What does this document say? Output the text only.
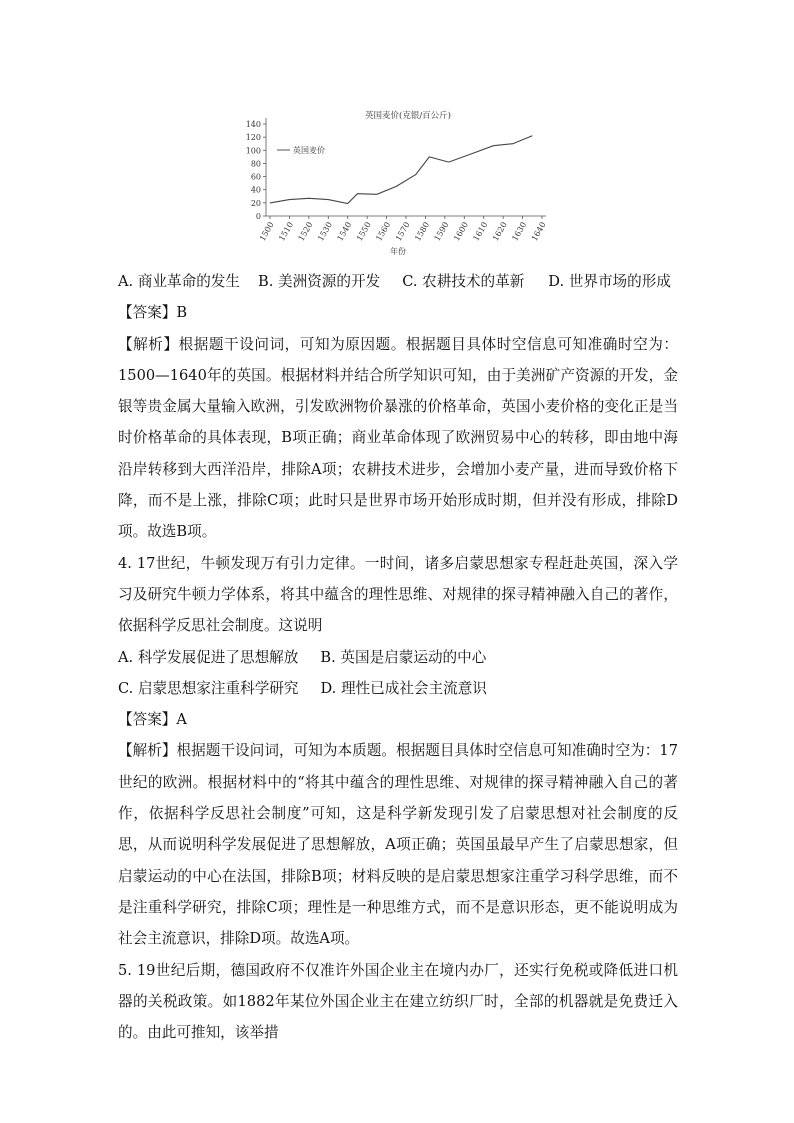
英国麦价(克银/百公斤)
0
20
40
60
80
100
120
140
1500 1510 1520 1530 1540 1550 1560 1570 1580 1590 1600 1610 1620 1630 1640
英国麦价
年份

A. 商业革命的发生 B. 美洲资源的开发 C. 农耕技术的革新 D. 世界市场的形成

【答案】B

【解析】根据题干设问词，可知为原因题。根据题目具体时空信息可知准确时空为：1500—1640年的英国。根据材料并结合所学知识可知，由于美洲矿产资源的开发，金银等贵金属大量输入欧洲，引发欧洲物价暴涨的价格革命，英国小麦价格的变化正是当时价格革命的具体表现，B项正确；商业革命体现了欧洲贸易中心的转移，即由地中海沿岸转移到大西洋沿岸，排除A项；农耕技术进步，会增加小麦产量，进而导致价格下降，而不是上涨，排除C项；此时只是世界市场开始形成时期，但并没有形成，排除D项。故选B项。

4. 17世纪，牛顿发现万有引力定律。一时间，诸多启蒙思想家专程赶赴英国，深入学习及研究牛顿力学体系，将其中蕴含的理性思维、对规律的探寻精神融入自己的著作，依据科学反思社会制度。这说明

A. 科学发展促进了思想解放 B. 英国是启蒙运动的中心

C. 启蒙思想家注重科学研究 D. 理性已成社会主流意识

【答案】A

【解析】根据题干设问词，可知为本质题。根据题目具体时空信息可知准确时空为：17世纪的欧洲。根据材料中的“将其中蕴含的理性思维、对规律的探寻精神融入自己的著作，依据科学反思社会制度”可知，这是科学新发现引发了启蒙思想对社会制度的反思，从而说明科学发展促进了思想解放，A项正确；英国虽最早产生了启蒙思想家，但启蒙运动的中心在法国，排除B项；材料反映的是启蒙思想家注重学习科学思维，而不是注重科学研究，排除C项；理性是一种思维方式，而不是意识形态，更不能说明成为社会主流意识，排除D项。故选A项。

5. 19世纪后期，德国政府不仅准许外国企业主在境内办厂，还实行免税或降低进口机器的关税政策。如1882年某位外国企业主在建立纺织厂时，全部的机器就是免费迁入的。由此可推知，该举措
